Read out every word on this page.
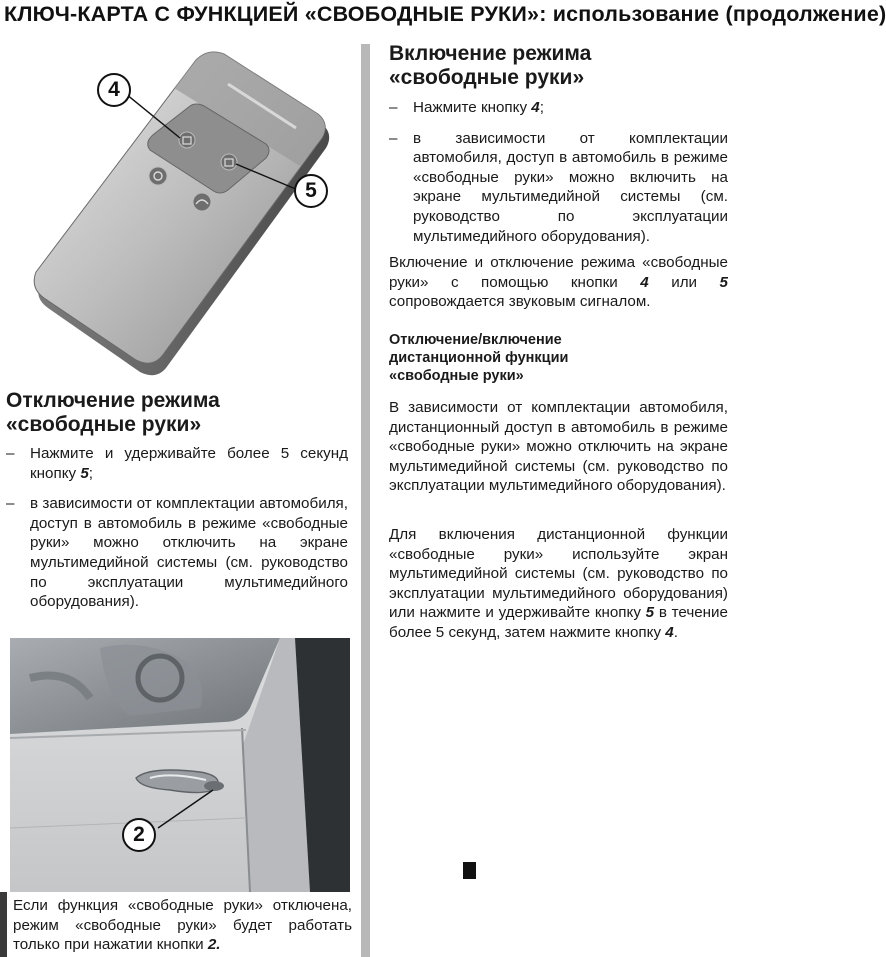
КЛЮЧ-КАРТА С ФУНКЦИЕЙ «СВОБОДНЫЕ РУКИ»: использование (продолжение)
4
5
Отключение режима «свободные руки»
– Нажмите и удерживайте более 5 секунд кнопку 5;
– в зависимости от комплектации автомобиля, доступ в автомобиль в режиме «свободные руки» можно отключить на экране мультимедийной системы (см. руководство по эксплуатации мультимедийного оборудования).
2
Если функция «свободные руки» отключена, режим «свободные руки» будет работать только при нажатии кнопки 2.
Включение режима «свободные руки»
– Нажмите кнопку 4;
– в зависимости от комплектации автомобиля, доступ в автомобиль в режиме «свободные руки» можно включить на экране мультимедийной системы (см. руководство по эксплуатации мультимедийного оборудования).

Включение и отключение режима «свободные руки» с помощью кнопки 4 или 5 сопровождается звуковым сигналом.

Отключение/включение дистанционной функции «свободные руки»

В зависимости от комплектации автомобиля, дистанционный доступ в автомобиль в режиме «свободные руки» можно отключить на экране мультимедийной системы (см. руководство по эксплуатации мультимедийного оборудования).

Для включения дистанционной функции «свободные руки» используйте экран мультимедийной системы (см. руководство по эксплуатации мультимедийного оборудования) или нажмите и удерживайте кнопку 5 в течение более 5 секунд, затем нажмите кнопку 4.
